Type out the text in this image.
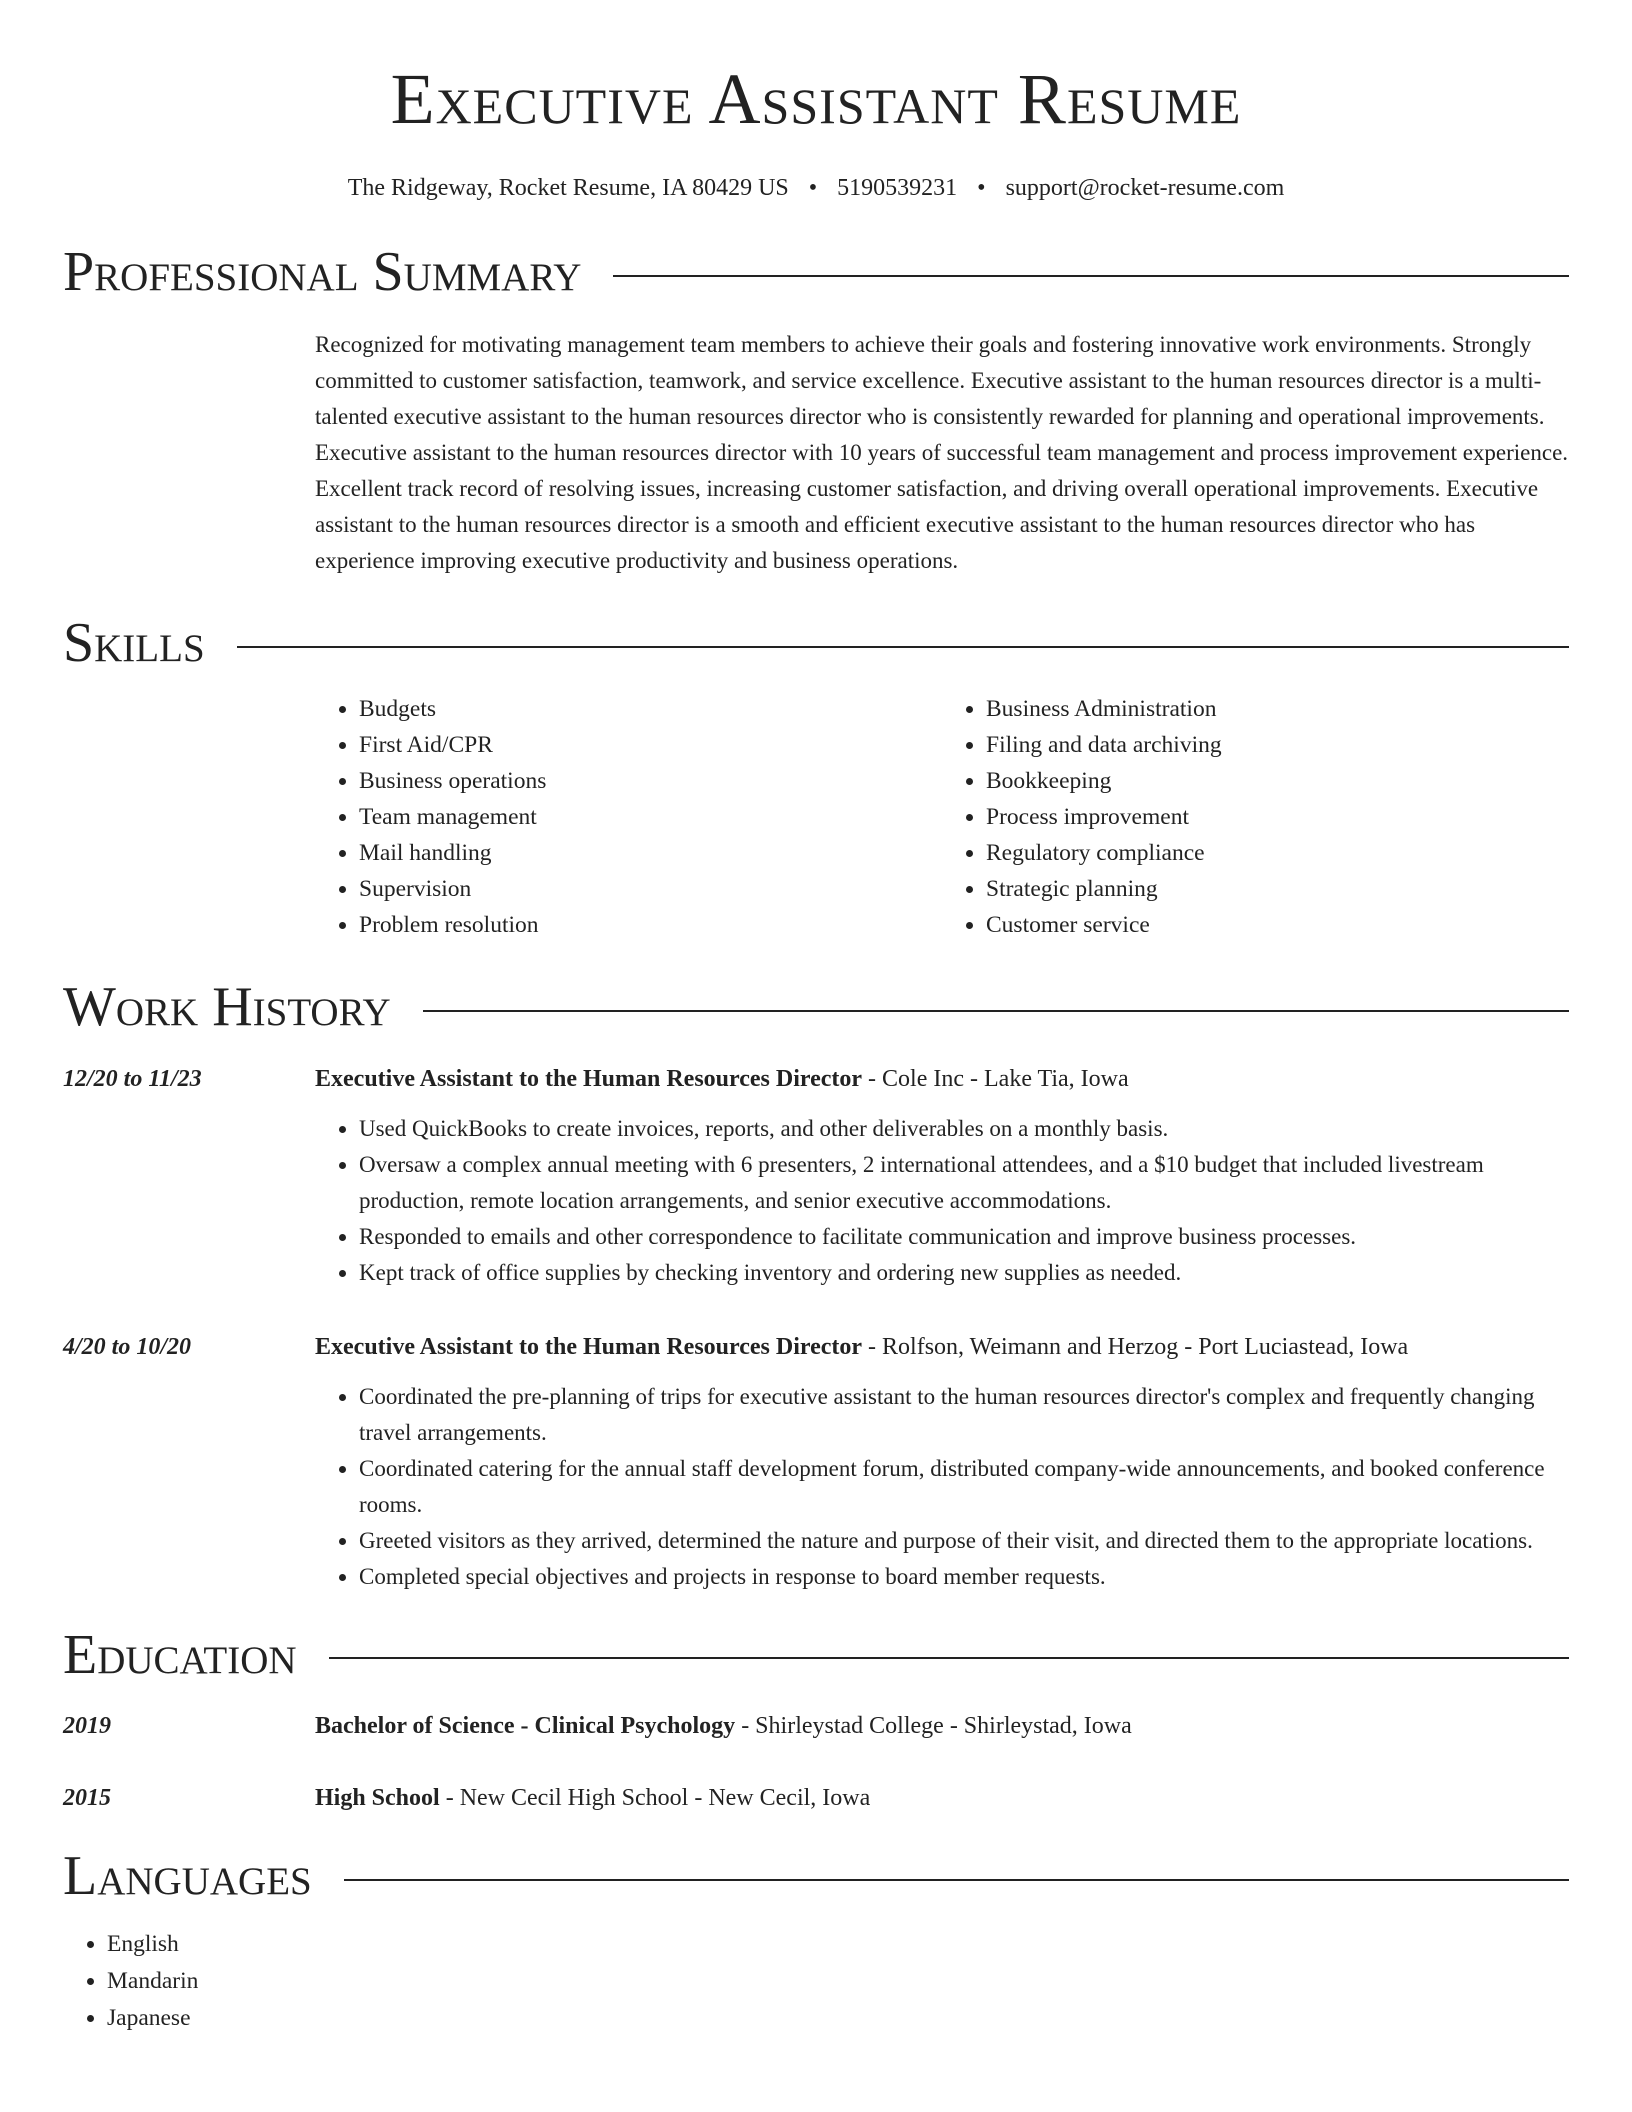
Executive Assistant Resume
The Ridgeway, Rocket Resume, IA 80429 US • 5190539231 • support@rocket-resume.com
Professional Summary
Recognized for motivating management team members to achieve their goals and fostering innovative work environments. Strongly committed to customer satisfaction, teamwork, and service excellence. Executive assistant to the human resources director is a multi-talented executive assistant to the human resources director who is consistently rewarded for planning and operational improvements. Executive assistant to the human resources director with 10 years of successful team management and process improvement experience. Excellent track record of resolving issues, increasing customer satisfaction, and driving overall operational improvements. Executive assistant to the human resources director is a smooth and efficient executive assistant to the human resources director who has experience improving executive productivity and business operations.
Skills
• Budgets
• First Aid/CPR
• Business operations
• Team management
• Mail handling
• Supervision
• Problem resolution
• Business Administration
• Filing and data archiving
• Bookkeeping
• Process improvement
• Regulatory compliance
• Strategic planning
• Customer service
Work History
12/20 to 11/23	Executive Assistant to the Human Resources Director - Cole Inc - Lake Tia, Iowa
• Used QuickBooks to create invoices, reports, and other deliverables on a monthly basis.
• Oversaw a complex annual meeting with 6 presenters, 2 international attendees, and a $10 budget that included livestream production, remote location arrangements, and senior executive accommodations.
• Responded to emails and other correspondence to facilitate communication and improve business processes.
• Kept track of office supplies by checking inventory and ordering new supplies as needed.
4/20 to 10/20	Executive Assistant to the Human Resources Director - Rolfson, Weimann and Herzog - Port Luciastead, Iowa
• Coordinated the pre-planning of trips for executive assistant to the human resources director's complex and frequently changing travel arrangements.
• Coordinated catering for the annual staff development forum, distributed company-wide announcements, and booked conference rooms.
• Greeted visitors as they arrived, determined the nature and purpose of their visit, and directed them to the appropriate locations.
• Completed special objectives and projects in response to board member requests.
Education
2019	Bachelor of Science - Clinical Psychology - Shirleystad College - Shirleystad, Iowa
2015	High School - New Cecil High School - New Cecil, Iowa
Languages
• English
• Mandarin
• Japanese
